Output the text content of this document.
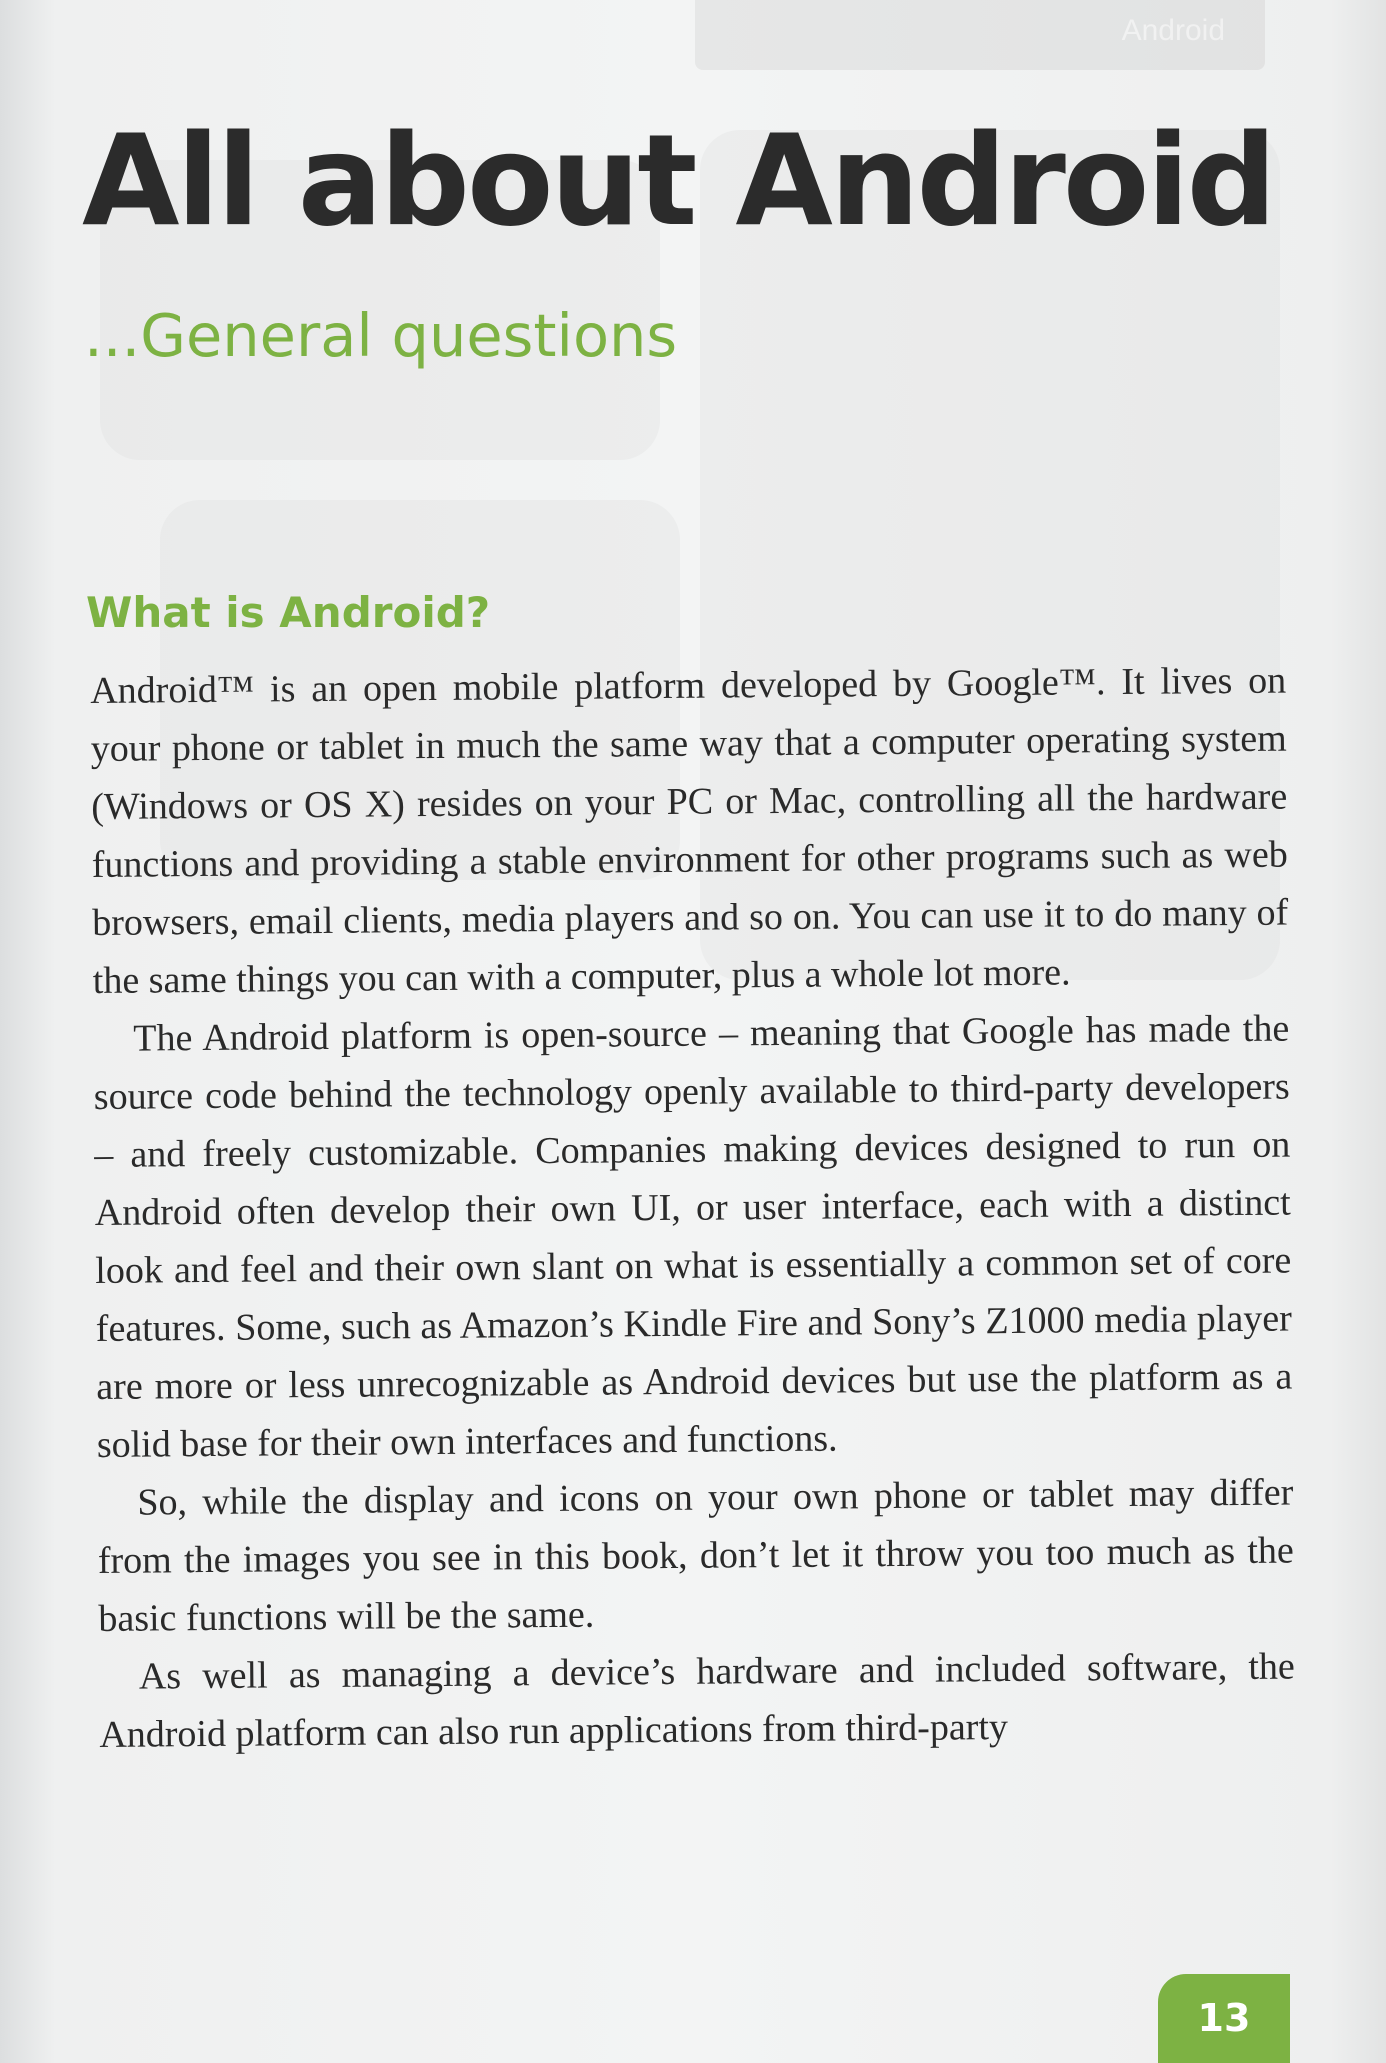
Android
All about Android
...General questions
What is Android?

Android™ is an open mobile platform developed by Google™. It lives on your phone or tablet in much the same way that a computer operating system (Windows or OS X) resides on your PC or Mac, controlling all the hardware functions and providing a stable environment for other programs such as web browsers, email clients, media players and so on. You can use it to do many of the same things you can with a computer, plus a whole lot more.

The Android platform is open-source – meaning that Google has made the source code behind the technology openly available to third-party developers – and freely customizable. Companies making devices designed to run on Android often develop their own UI, or user interface, each with a distinct look and feel and their own slant on what is essentially a common set of core features. Some, such as Amazon’s Kindle Fire and Sony’s Z1000 media player are more or less unrecognizable as Android devices but use the platform as a solid base for their own interfaces and functions.

So, while the display and icons on your own phone or tablet may differ from the images you see in this book, don’t let it throw you too much as the basic functions will be the same.

As well as managing a device’s hardware and included software, the Android platform can also run applications from third-party

13
